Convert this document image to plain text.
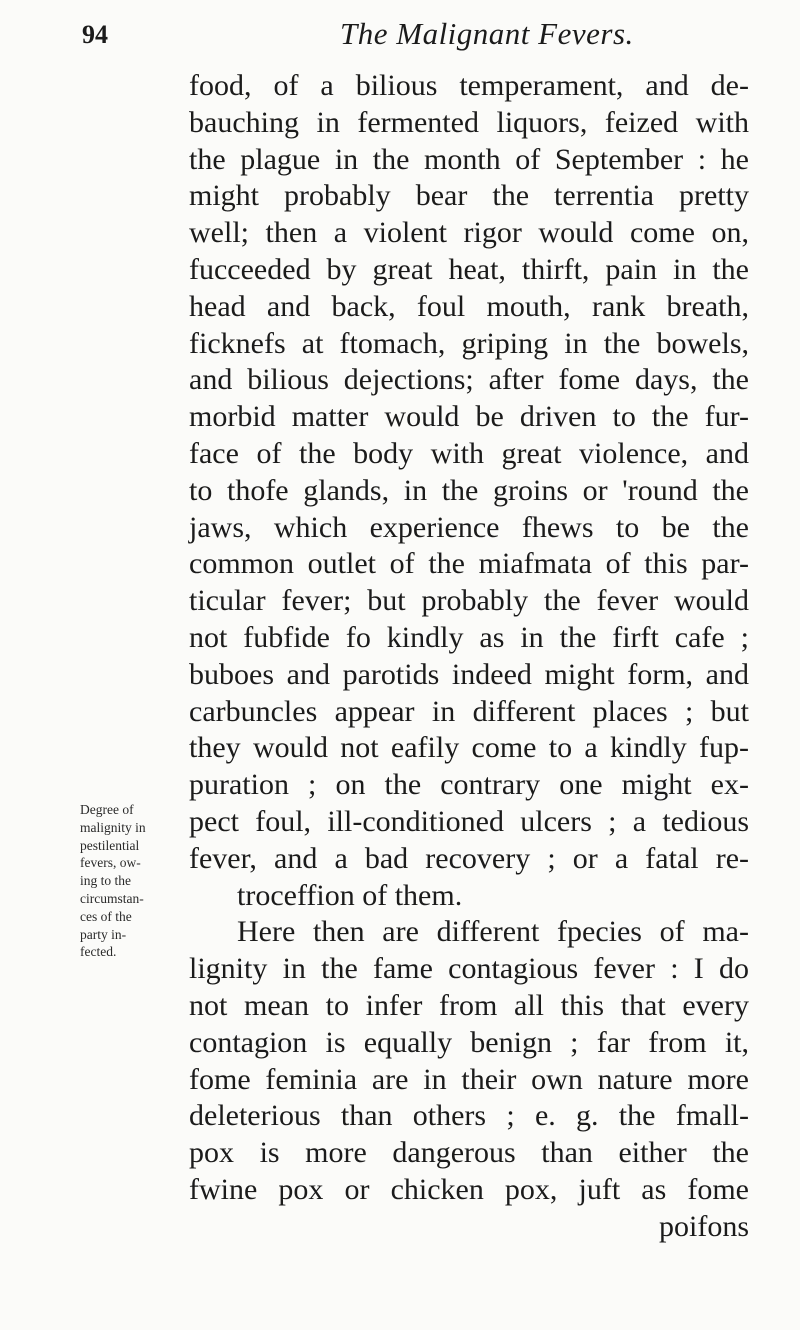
94	The Malignant Fevers.
Degree of
malignity in
pestilential
fevers, ow-
ing to the
circumstan-
ces of the
party in-
fected.
food, of a bilious temperament, and de-
bauching in fermented liquors, feized with
the plague in the month of September : he
might probably bear the terrentia pretty
well; then a violent rigor would come on,
fucceeded by great heat, thirft, pain in the
head and back, foul mouth, rank breath,
ficknefs at ftomach, griping in the bowels,
and bilious dejections; after fome days, the
morbid matter would be driven to the fur-
face of the body with great violence, and
to thofe glands, in the groins or 'round the
jaws, which experience fhews to be the
common outlet of the miafmata of this par-
ticular fever; but probably the fever would
not fubfide fo kindly as in the firft cafe ;
buboes and parotids indeed might form, and
carbuncles appear in different places ; but
they would not eafily come to a kindly fup-
puration ; on the contrary one might ex-
pect foul, ill-conditioned ulcers ; a tedious
fever, and a bad recovery ; or a fatal re-
troceffion of them.
Here then are different fpecies of ma-
lignity in the fame contagious fever : I do
not mean to infer from all this that every
contagion is equally benign ; far from it,
fome feminia are in their own nature more
deleterious than others ; e. g. the fmall-
pox is more dangerous than either the
fwine pox or chicken pox, juft as fome
poifons
